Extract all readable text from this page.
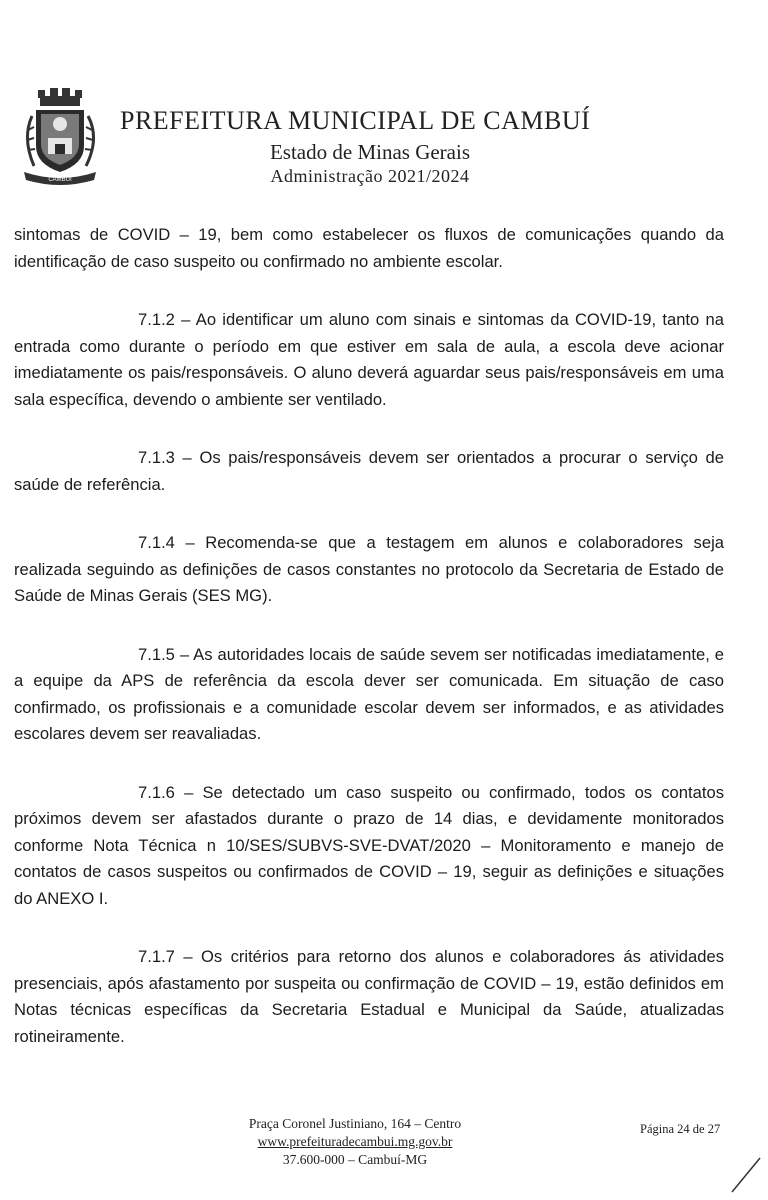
CAMBUÍ
PREFEITURA MUNICIPAL DE CAMBUÍ

Estado de Minas Gerais

Administração 2021/2024

sintomas de COVID – 19, bem como estabelecer os fluxos de comunicações quando da identificação de caso suspeito ou confirmado no ambiente escolar.

7.1.2 – Ao identificar um aluno com sinais e sintomas da COVID-19, tanto na entrada como durante o período em que estiver em sala de aula, a escola deve acionar imediatamente os pais/responsáveis. O aluno deverá aguardar seus pais/responsáveis em uma sala específica, devendo o ambiente ser ventilado.

7.1.3 – Os pais/responsáveis devem ser orientados a procurar o serviço de saúde de referência.

7.1.4 – Recomenda-se que a testagem em alunos e colaboradores seja realizada seguindo as definições de casos constantes no protocolo da Secretaria de Estado de Saúde de Minas Gerais (SES MG).

7.1.5 – As autoridades locais de saúde sevem ser notificadas imediatamente, e a equipe da APS de referência da escola dever ser comunicada. Em situação de caso confirmado, os profissionais e a comunidade escolar devem ser informados, e as atividades escolares devem ser reavaliadas.

7.1.6 – Se detectado um caso suspeito ou confirmado, todos os contatos próximos devem ser afastados durante o prazo de 14 dias, e devidamente monitorados conforme Nota Técnica n 10/SES/SUBVS-SVE-DVAT/2020 – Monitoramento e manejo de contatos de casos suspeitos ou confirmados de COVID – 19, seguir as definições e situações do ANEXO I.

7.1.7 – Os critérios para retorno dos alunos e colaboradores ás atividades presenciais, após afastamento por suspeita ou confirmação de COVID – 19, estão definidos em Notas técnicas específicas da Secretaria Estadual e Municipal da Saúde, atualizadas rotineiramente.

Praça Coronel Justiniano, 164 – Centro

www.prefeituradecambui.mg.gov.br

37.600-000 – Cambuí-MG

Página 24 de 27
